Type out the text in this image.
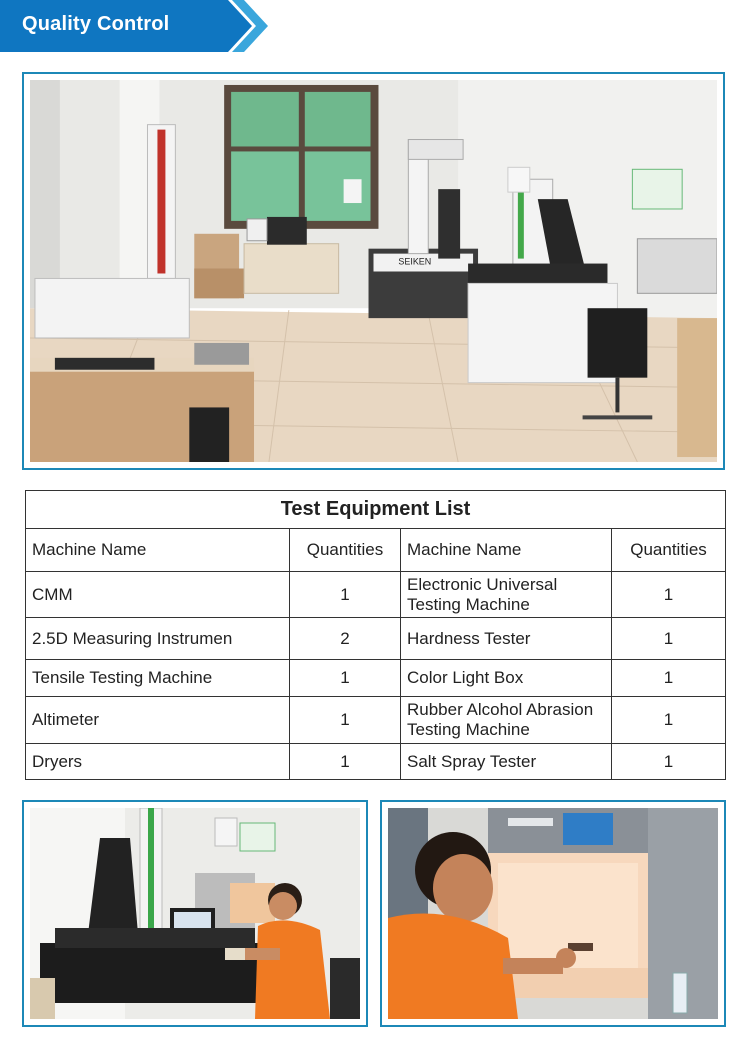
Quality Control
SEIKEN
Test Equipment List			
Machine Name	Quantities	Machine Name	Quantities
CMM	1	Electronic Universal Testing Machine	1
2.5D Measuring Instrumen	2	Hardness Tester	1
Tensile Testing Machine	1	Color Light Box	1
Altimeter	1	Rubber Alcohol Abrasion Testing Machine	1
Dryers	1	Salt Spray Tester	1
